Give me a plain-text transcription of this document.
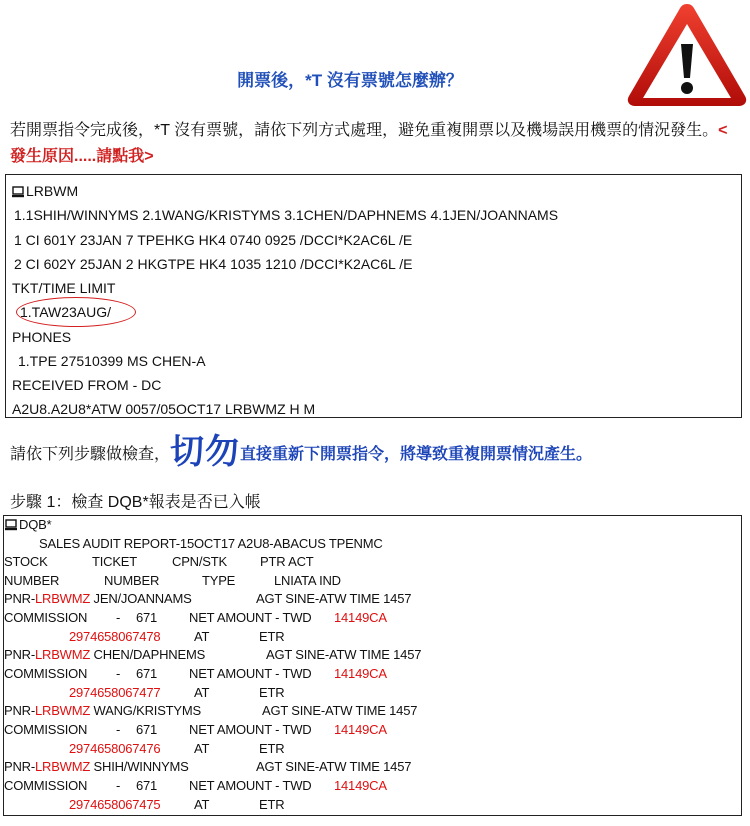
開票後，*T 沒有票號怎麼辦？
若開票指令完成後，*T 沒有票號，請依下列方式處理，避免重複開票以及機場誤用機票的情況發生。<發生原因.....請點我>
LRBWM
1.1SHIH/WINNYMS 2.1WANG/KRISTYMS 3.1CHEN/DAPHNEMS 4.1JEN/JOANNAMS
1 CI 601Y 23JAN 7 TPEHKG HK4 0740 0925 /DCCI*K2AC6L /E
2 CI 602Y 25JAN 2 HKGTPE HK4 1035 1210 /DCCI*K2AC6L /E
TKT/TIME LIMIT
1.TAW23AUG/
PHONES
1.TPE 27510399 MS CHEN-A
RECEIVED FROM - DC
A2U8.A2U8*ATW 0057/05OCT17 LRBWMZ H M
請依下列步驟做檢查，切勿直接重新下開票指令，將導致重複開票情況產生。
步驟 1：檢查 DQB*報表是否已入帳
DQB*
SALES AUDIT REPORT-15OCT17 A2U8-ABACUS TPENMC
STOCK	TICKET	CPN/STK	PTR ACT
NUMBER	NUMBER	TYPE	LNIATA IND
PNR-LRBWMZ JEN/JOANNAMS	AGT SINE-ATW TIME 1457
COMMISSION - 671 NET AMOUNT - TWD 14149CA
2974658067478	AT	ETR
PNR-LRBWMZ CHEN/DAPHNEMS	AGT SINE-ATW TIME 1457
COMMISSION - 671 NET AMOUNT - TWD 14149CA
2974658067477	AT	ETR
PNR-LRBWMZ WANG/KRISTYMS	AGT SINE-ATW TIME 1457
COMMISSION - 671 NET AMOUNT - TWD 14149CA
2974658067476	AT	ETR
PNR-LRBWMZ SHIH/WINNYMS	AGT SINE-ATW TIME 1457
COMMISSION - 671 NET AMOUNT - TWD 14149CA
2974658067475	AT	ETR
